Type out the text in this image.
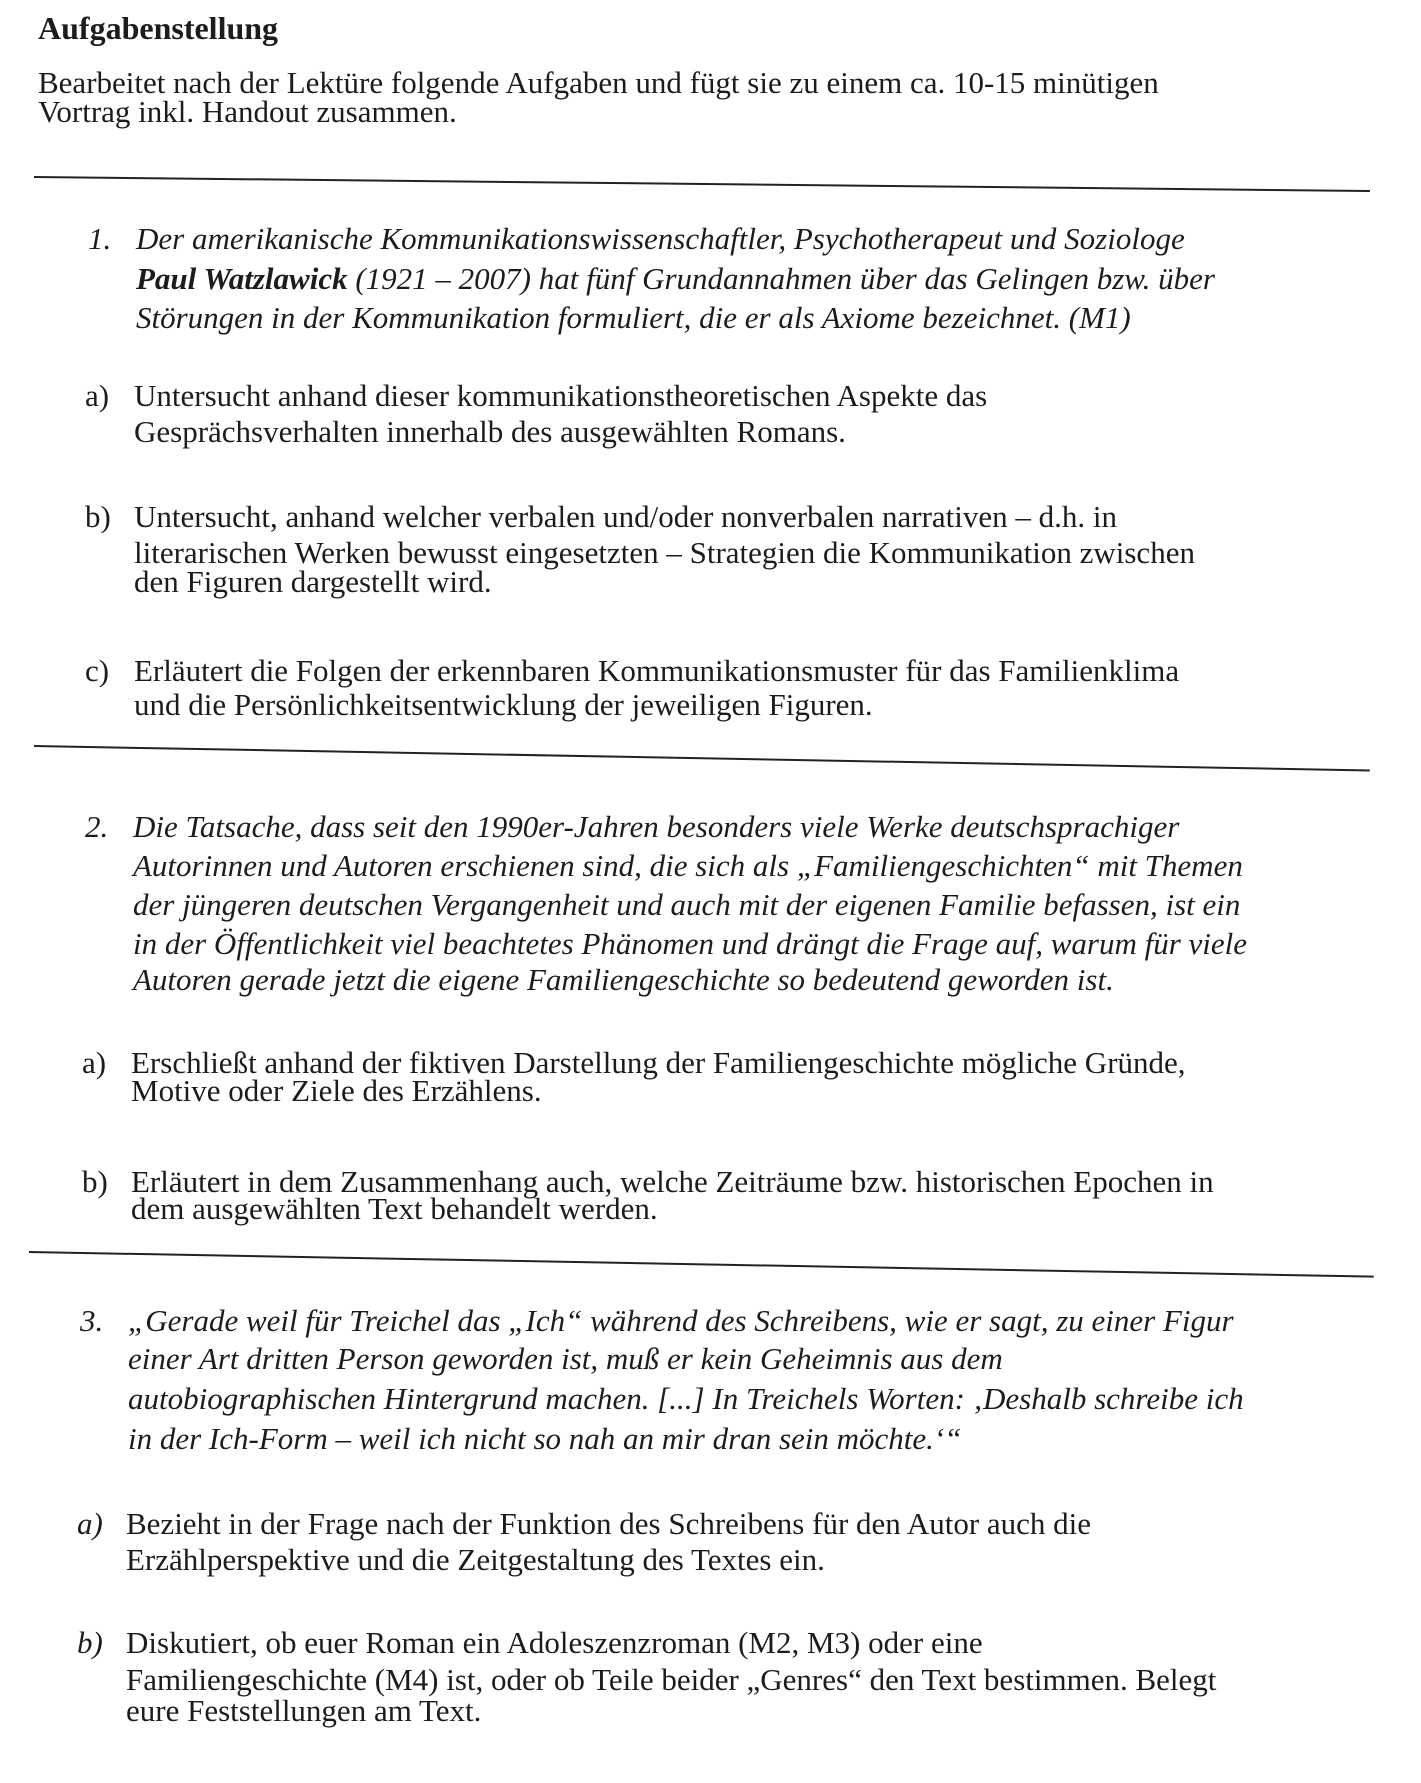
Aufgabenstellung
Bearbeitet nach der Lektüre folgende Aufgaben und fügt sie zu einem ca. 10-15 minütigen
Vortrag inkl. Handout zusammen.
1. Der amerikanische Kommunikationswissenschaftler, Psychotherapeut und Soziologe
Paul Watzlawick (1921 – 2007) hat fünf Grundannahmen über das Gelingen bzw. über
Störungen in der Kommunikation formuliert, die er als Axiome bezeichnet. (M1)
a) Untersucht anhand dieser kommunikationstheoretischen Aspekte das
Gesprächsverhalten innerhalb des ausgewählten Romans.
b) Untersucht, anhand welcher verbalen und/oder nonverbalen narrativen – d.h. in
literarischen Werken bewusst eingesetzten – Strategien die Kommunikation zwischen
den Figuren dargestellt wird.
c) Erläutert die Folgen der erkennbaren Kommunikationsmuster für das Familienklima
und die Persönlichkeitsentwicklung der jeweiligen Figuren.
2. Die Tatsache, dass seit den 1990er-Jahren besonders viele Werke deutschsprachiger
Autorinnen und Autoren erschienen sind, die sich als „Familiengeschichten“ mit Themen
der jüngeren deutschen Vergangenheit und auch mit der eigenen Familie befassen, ist ein
in der Öffentlichkeit viel beachtetes Phänomen und drängt die Frage auf, warum für viele
Autoren gerade jetzt die eigene Familiengeschichte so bedeutend geworden ist.
a) Erschließt anhand der fiktiven Darstellung der Familiengeschichte mögliche Gründe,
Motive oder Ziele des Erzählens.
b) Erläutert in dem Zusammenhang auch, welche Zeiträume bzw. historischen Epochen in
dem ausgewählten Text behandelt werden.
3. „Gerade weil für Treichel das „Ich“ während des Schreibens, wie er sagt, zu einer Figur
einer Art dritten Person geworden ist, muß er kein Geheimnis aus dem
autobiographischen Hintergrund machen. [...] In Treichels Worten: ‚Deshalb schreibe ich
in der Ich-Form – weil ich nicht so nah an mir dran sein möchte.‘“
a) Bezieht in der Frage nach der Funktion des Schreibens für den Autor auch die
Erzählperspektive und die Zeitgestaltung des Textes ein.
b) Diskutiert, ob euer Roman ein Adoleszenzroman (M2, M3) oder eine
Familiengeschichte (M4) ist, oder ob Teile beider „Genres“ den Text bestimmen. Belegt
eure Feststellungen am Text.
